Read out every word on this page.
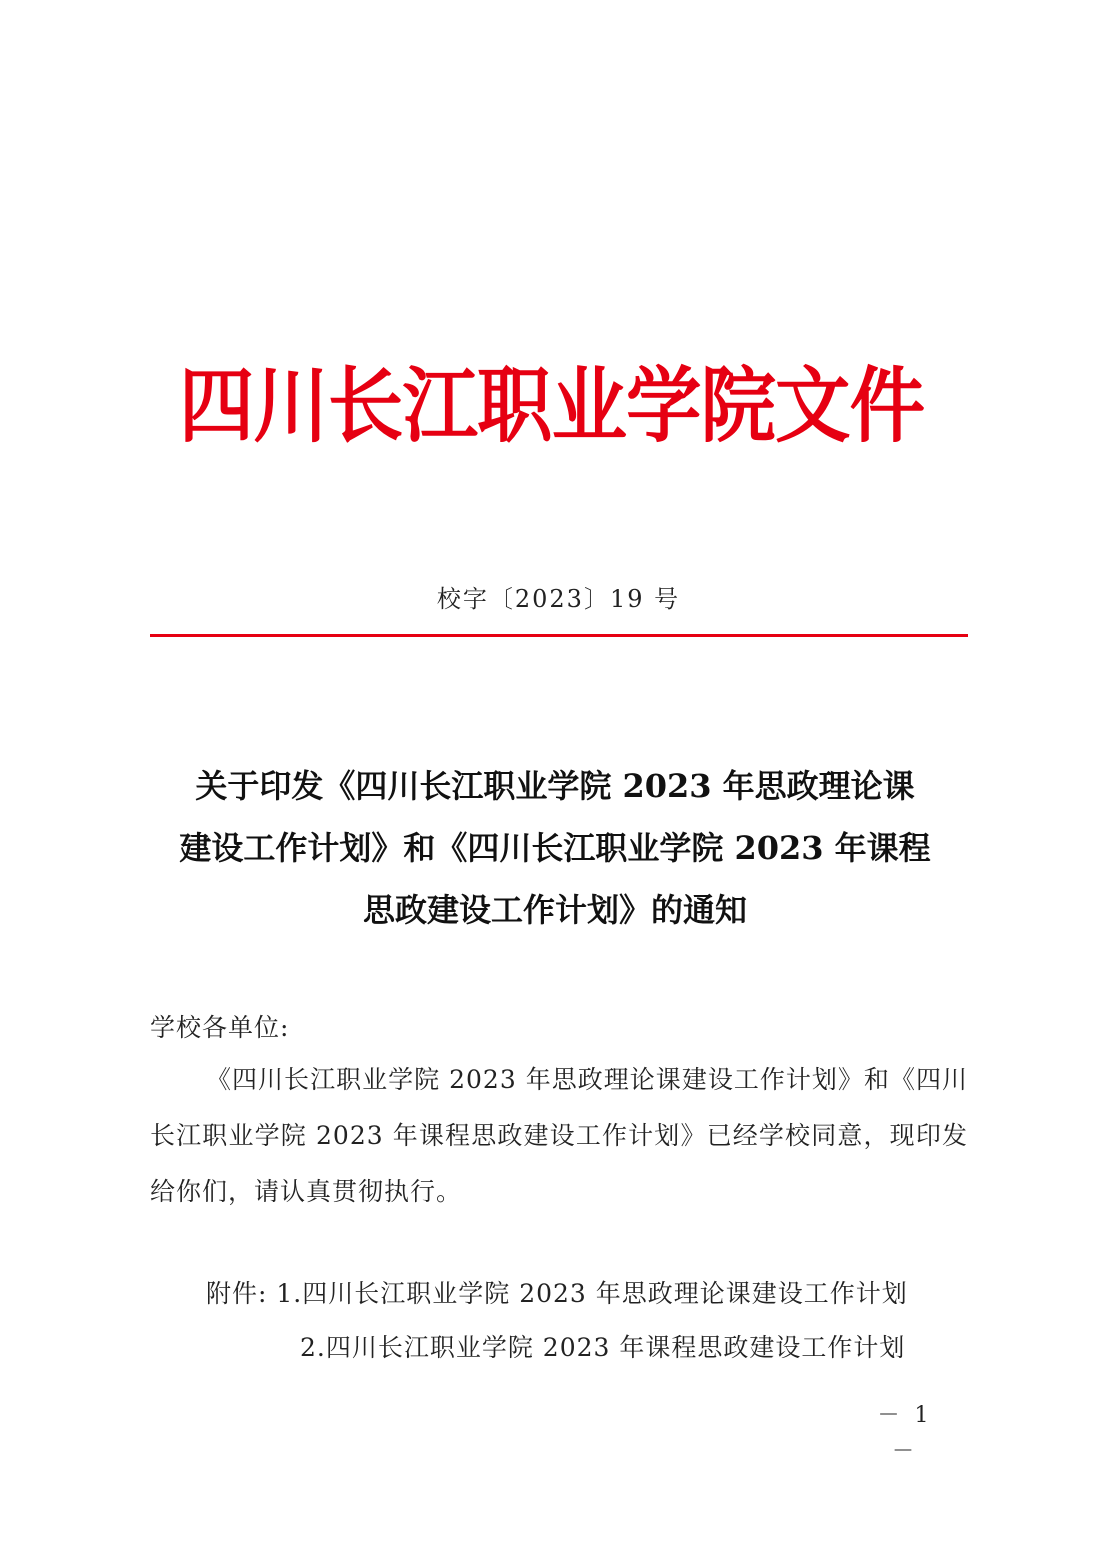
四川长江职业学院文件
校字〔2023〕19 号
关于印发《四川长江职业学院 2023 年思政理论课
建设工作计划》和《四川长江职业学院 2023 年课程
思政建设工作计划》的通知
学校各单位:
《四川长江职业学院 2023 年思政理论课建设工作计划》和《四川长江职业学院 2023 年课程思政建设工作计划》已经学校同意，现印发给你们，请认真贯彻执行。
附件: 1.四川长江职业学院 2023 年思政理论课建设工作计划
2.四川长江职业学院 2023 年课程思政建设工作计划
－ 1 －
